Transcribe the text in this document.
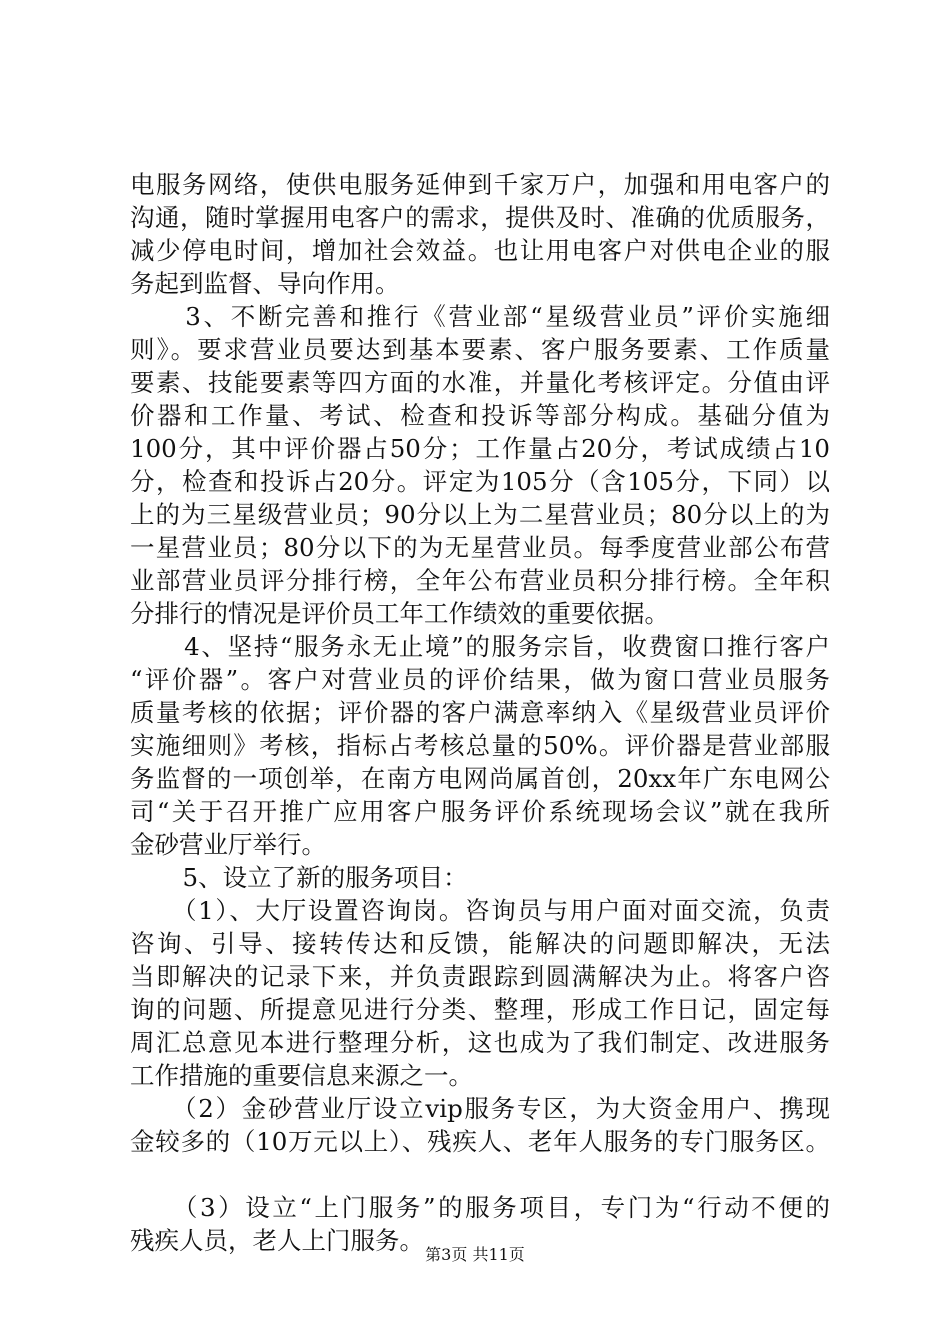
电服务网络，使供电服务延伸到千家万户，加强和用电客户的
沟通，随时掌握用电客户的需求，提供及时、准确的优质服务，
减少停电时间，增加社会效益。也让用电客户对供电企业的服
务起到监督、导向作用。
　3、不断完善和推行《营业部“星级营业员”评价实施细
则》。要求营业员要达到基本要素、客户服务要素、工作质量
要素、技能要素等四方面的水准，并量化考核评定。分值由评
价器和工作量、考试、检查和投诉等部分构成。基础分值为
100分，其中评价器占50分；工作量占20分，考试成绩占10
分，检查和投诉占20分。评定为105分（含105分，下同）以
上的为三星级营业员；90分以上为二星营业员；80分以上的为
一星营业员；80分以下的为无星营业员。每季度营业部公布营
业部营业员评分排行榜，全年公布营业员积分排行榜。全年积
分排行的情况是评价员工年工作绩效的重要依据。
　4、坚持“服务永无止境”的服务宗旨，收费窗口推行客户
“评价器”。客户对营业员的评价结果，做为窗口营业员服务
质量考核的依据；评价器的客户满意率纳入《星级营业员评价
实施细则》考核，指标占考核总量的50%。评价器是营业部服
务监督的一项创举，在南方电网尚属首创，20xx年广东电网公
司“关于召开推广应用客户服务评价系统现场会议”就在我所
金砂营业厅举行。
　5、设立了新的服务项目：
　（1）、大厅设置咨询岗。咨询员与用户面对面交流，负责
咨询、引导、接转传达和反馈，能解决的问题即解决，无法
当即解决的记录下来，并负责跟踪到圆满解决为止。将客户咨
询的问题、所提意见进行分类、整理，形成工作日记，固定每
周汇总意见本进行整理分析，这也成为了我们制定、改进服务
工作措施的重要信息来源之一。
　（2）金砂营业厅设立vip服务专区，为大资金用户、携现
金较多的（10万元以上）、残疾人、老年人服务的专门服务区。
　（3）设立“上门服务”的服务项目，专门为“行动不便的
残疾人员，老人上门服务。 第3页 共11页
